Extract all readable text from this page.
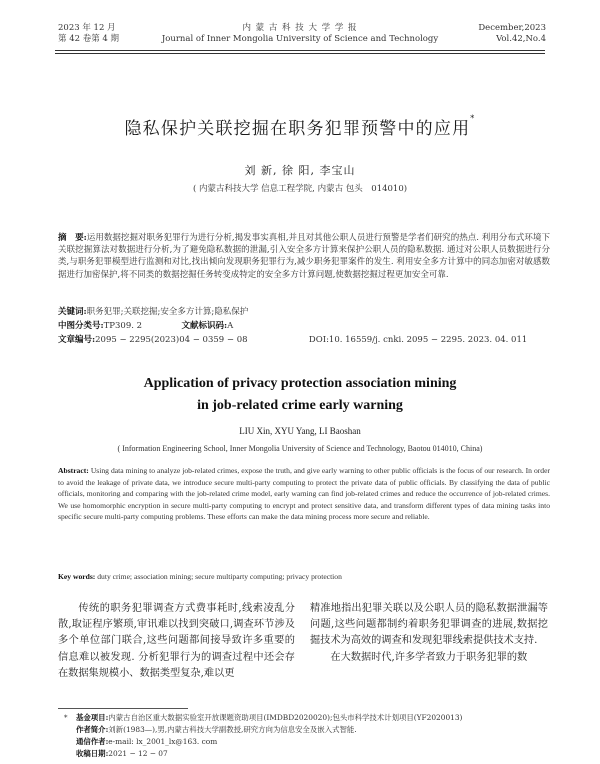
2023 年 12 月
第 42 卷第 4 期
内 蒙 古 科 技 大 学 学 报
Journal of Inner Mongolia University of Science and Technology
December,2023
Vol.42,No.4
隐私保护关联挖掘在职务犯罪预警中的应用*
刘 新, 徐 阳, 李宝山
( 内蒙古科技大学 信息工程学院, 内蒙古 包头　014010)
摘　要:运用数据挖掘对职务犯罪行为进行分析,揭发事实真相,并且对其他公职人员进行预警是学者们研究的热点. 利用分布式环境下关联挖掘算法对数据进行分析,为了避免隐私数据的泄漏,引入安全多方计算来保护公职人员的隐私数据. 通过对公职人员数据进行分类,与职务犯罪模型进行监测和对比,找出倾向发现职务犯罪行为,减少职务犯罪案件的发生. 利用安全多方计算中的同态加密对敏感数据进行加密保护,将不同类的数据挖掘任务转变成特定的安全多方计算问题,使数据挖掘过程更加安全可靠.
关键词:职务犯罪;关联挖掘;安全多方计算;隐私保护
中图分类号:TP309. 2	文献标识码:A
文章编号:2095 − 2295(2023)04 − 0359 − 08	DOI:10. 16559/j. cnki. 2095 − 2295. 2023. 04. 011
Application of privacy protection association mining
in job-related crime early warning
LIU Xin, XYU Yang, LI Baoshan
( Information Engineering School, Inner Mongolia University of Science and Technology, Baotou 014010, China)
Abstract: Using data mining to analyze job-related crimes, expose the truth, and give early warning to other public officials is the focus of our research. In order to avoid the leakage of private data, we introduce secure multi-party computing to protect the private data of public officials. By classifying the data of public officials, monitoring and comparing with the job-related crime model, early warning can find job-related crimes and reduce the occurrence of job-related crimes. We use homomorphic encryption in secure multi-party computing to encrypt and protect sensitive data, and transform different types of data mining tasks into specific secure multi-party computing problems. These efforts can make the data mining process more secure and reliable.
Key words: duty crime; association mining; secure multiparty computing; privacy protection

传统的职务犯罪调查方式费事耗时,线索凌乱分散,取证程序繁琐,审讯难以找到突破口,调查环节涉及多个单位部门联合,这些问题都间接导致许多重要的信息难以被发现. 分析犯罪行为的调查过程中还会存在数据集规模小、数据类型复杂,难以更

精准地指出犯罪关联以及公职人员的隐私数据泄漏等问题,这些问题都制约着职务犯罪调查的进展,数据挖掘技术为高效的调查和发现犯罪线索提供技术支持.

在大数据时代,许多学者致力于职务犯罪的数

* 基金项目:内蒙古自治区重大数据实验室开放课题资助项目(IMDBD2020020);包头市科学技术计划项目(YF2020013)
作者简介:刘新(1983—),男,内蒙古科技大学副教授,研究方向为信息安全及嵌入式智能.
通信作者:e-mail: lx_2001_lx@163. com
收稿日期:2021 − 12 − 07
